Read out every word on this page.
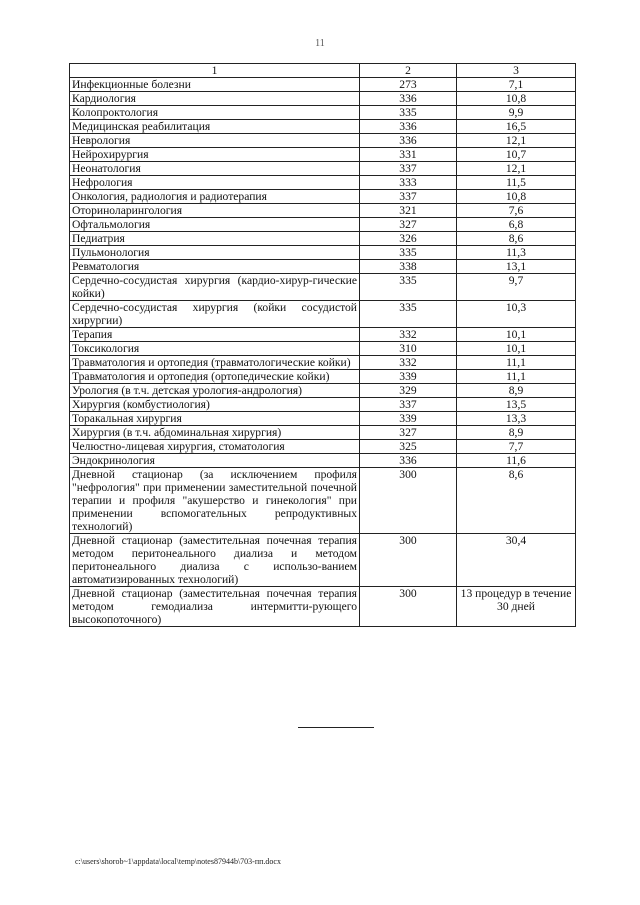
11
1	2	3
Инфекционные болезни	273	7,1
Кардиология	336	10,8
Колопроктология	335	9,9
Медицинская реабилитация	336	16,5
Неврология	336	12,1
Нейрохирургия	331	10,7
Неонатология	337	12,1
Нефрология	333	11,5
Онкология, радиология и радиотерапия	337	10,8
Оториноларингология	321	7,6
Офтальмология	327	6,8
Педиатрия	326	8,6
Пульмонология	335	11,3
Ревматология	338	13,1
Сердечно-сосудистая хирургия (кардио-хирур-гические койки)	335	9,7
Сердечно-сосудистая хирургия (койки сосудистой хирургии)	335	10,3
Терапия	332	10,1
Токсикология	310	10,1
Травматология и ортопедия (травматологические койки)	332	11,1
Травматология и ортопедия (ортопедические койки)	339	11,1
Урология (в т.ч. детская урология-андрология)	329	8,9
Хирургия (комбустиология)	337	13,5
Торакальная хирургия	339	13,3
Хирургия (в т.ч. абдоминальная хирургия)	327	8,9
Челюстно-лицевая хирургия, стоматология	325	7,7
Эндокринология	336	11,6
Дневной стационар (за исключением профиля "нефрология" при применении заместительной почечной терапии и профиля "акушерство и гинекология" при применении вспомогательных репродуктивных технологий)	300	8,6
Дневной стационар (заместительная почечная терапия методом перитонеального диализа и методом перитонеального диализа с использо-ванием автоматизированных технологий)	300	30,4
Дневной стационар (заместительная почечная терапия методом гемодиализа интермитти-рующего высокопоточного)	300	13 процедур в течение 30 дней
c:\users\shorob~1\appdata\local\temp\notes87944b\703-пп.docx
